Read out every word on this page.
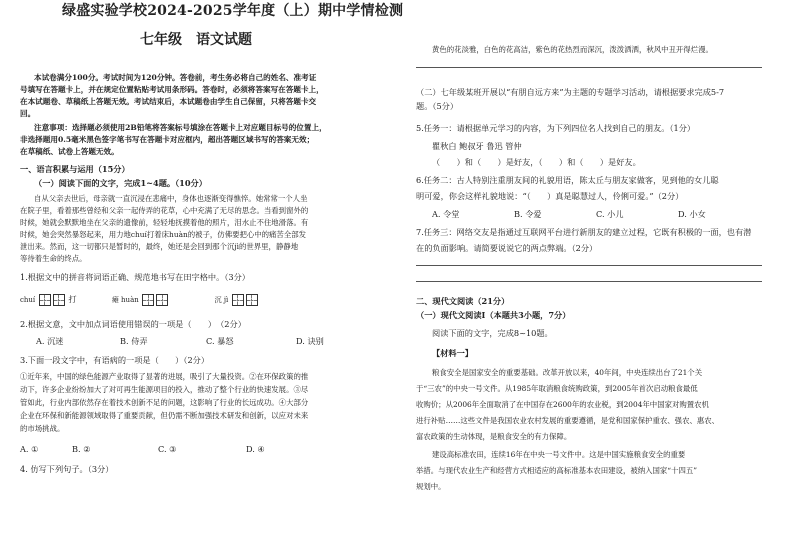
绿盛实验学校2024-2025学年度（上）期中学情检测
七年级　语文试题
本试卷满分100分。考试时间为120分钟。答卷前，考生务必将自己的姓名、准考证
号填写在答题卡上，并在规定位置粘贴考试用条形码。答卷时，必须将答案写在答题卡上，
在本试题卷、草稿纸上答题无效。考试结束后，本试题卷由学生自己保留，只将答题卡交
回。
注意事项：选择题必须使用2B铅笔将答案标号填涂在答题卡上对应题目标号的位置上，
非选择题用0.5毫米黑色签字笔书写在答题卡对应框内，超出答题区域书写的答案无效；
在草稿纸、试卷上答题无效。
一、语言积累与运用（15分）
（一）阅读下面的文字，完成1~4题。（10分）
自从父亲去世后，母亲就一直沉浸在悲痛中，身体也逐渐变得憔悴。她常常一个人坐
在院子里，看着那些曾经和父亲一起侍弄的花草，心中充满了无尽的思念。当看到窗外的
时候，她就会默默地坐在父亲的遗像前，轻轻地抚摸着他的照片，泪水止不住地滑落。有
时候，她会突然暴怒起来，用力地chuí打着床huàn的被子，仿佛要把心中的痛苦全部发
泄出来。然而，这一切都只是暂时的，最终，她还是会回到那个沉jì的世界里，静静地
等待着生命的终点。
1.根据文中的拼音将词语正确、规范地书写在田字格中。（3分）
chuí	打	瘫 huàn	沉 jì
2.根据文意，文中加点词语使用错误的一项是（　　）　（2分）
A. 沉迷	B. 侍弄	C. 暴怒	D. 诀别
3.下面一段文字中，有语病的一项是（　　）（2分）
①近年来，中国的绿色能源产业取得了显著的进展，吸引了大量投资。②在环保政策的推
动下，许多企业纷纷加大了对可再生能源项目的投入，推动了整个行业的快速发展。③尽
管如此，行业内部依然存在着技术创新不足的问题，这影响了行业的长远成功。④大部分
企业在环保和新能源领域取得了重要贡献，但仍需不断加强技术研发和创新，以应对未来
的市场挑战。
A. ①	B. ②	C. ③	D. ④
4. 仿写下列句子。（3分）
黄色的花淡雅，白色的花高洁，紫色的花热烈而深沉，泼泼洒洒，秋风中丑开得烂漫。
（二）七年级某班开展以“有朋自远方来”为主题的专题学习活动，请根据要求完成5-7
题。（5分）
5.任务一：请根据单元学习的内容，为下列四位名人找到自己的朋友。（1分）
瞿秋白 鲍叔牙 鲁迅 管仲
（　　）和（　　）是好友，（　　）和（　　）是好友。
6.任务二：古人特别注重朋友间的礼貌用语，陈太丘与朋友家做客，见到他的女儿聪
明可爱，你会这样礼貌地说：“（　　）真是聪慧过人，伶俐可爱。”（2分）
A. 令堂	B. 令爱	C. 小儿	D. 小女
7.任务三：网络交友是指通过互联网平台进行新朋友的建立过程，它既有积极的一面，也有潜
在的负面影响。请简要说说它的两点弊端。（2分）
二、现代文阅读（21分）
（一）现代文阅读Ⅰ（本题共3小题，7分）
阅读下面的文字，完成8~10题。
【材料一】
粮食安全是国家安全的重要基础。改革开放以来，40年间，中央连续出台了21个关
于“三农”的中央一号文件。从1985年取消粮食统购政策，到2005年首次启动粮食最低
收购价；从2006年全面取消了在中国存在2600年的农业税，到2004年中国家对购置农机
进行补贴……这些文件是我国农业农村发展的重要遵循，是党和国家保护重农、强农、惠农、
富农政策的生动体现，是粮食安全的有力保障。
建设高标准农田，连续16年在中央一号文件中。这是中国实施粮食安全的重要
举措。与现代农业生产和经营方式相适应的高标准基本农田建设，被纳入国家“十四五”
规划中。
